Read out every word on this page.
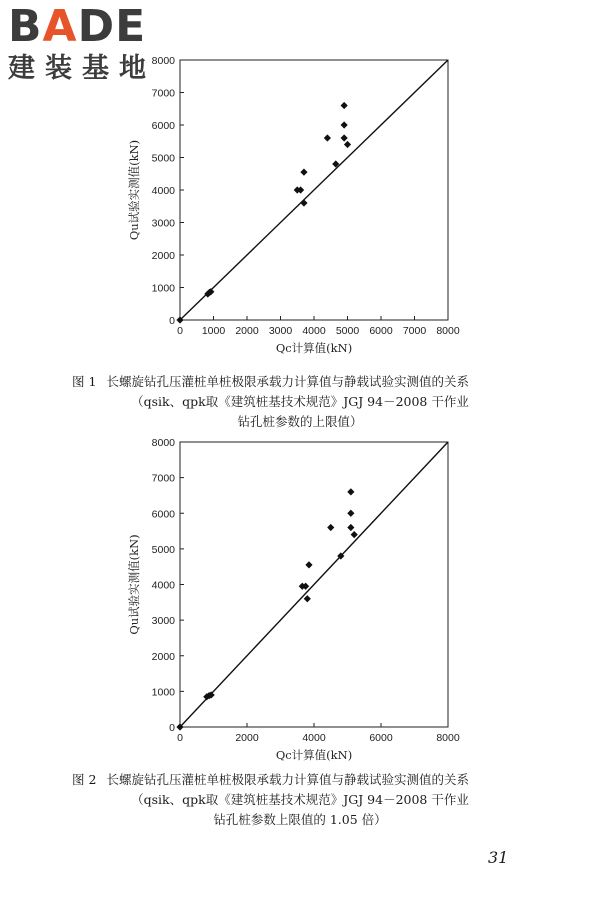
BADE
建装基地
0 1000 2000 3000 4000 5000 6000 7000 8000
0
1000
2000
3000
4000
5000
6000
7000
8000
Qc计算值(kN)
Qu试验实测值(kN)
0	2000	4000	6000	8000
0
1000
2000
3000
4000
5000
6000
7000
8000
Qc计算值(kN)
Qu试验实测值(kN)
图 1 长螺旋钻孔压灌桩单桩极限承载力计算值与静载试验实测值的关系
（qsik、qpk取《建筑桩基技术规范》JGJ 94－2008 干作业
钻孔桩参数的上限值）
图 2 长螺旋钻孔压灌桩单桩极限承载力计算值与静载试验实测值的关系
（qsik、qpk取《建筑桩基技术规范》JGJ 94－2008 干作业
钻孔桩参数上限值的 1.05 倍）
31
